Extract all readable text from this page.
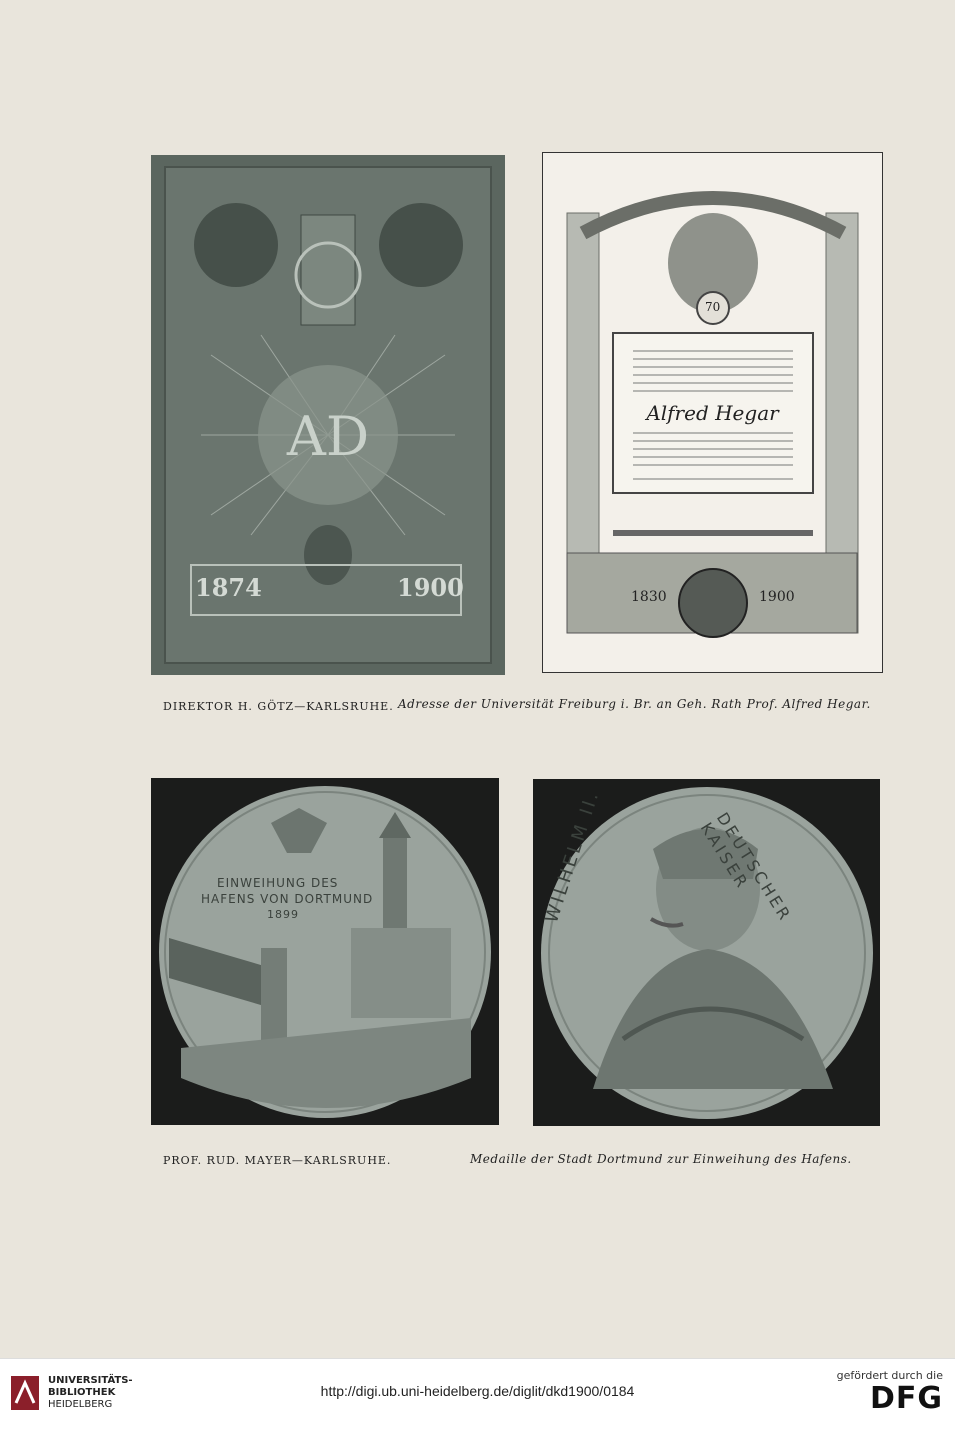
AD
1874	1900
70
Alfred Hegar
1830	1900
DIREKTOR H. GÖTZ—KARLSRUHE. Adresse der Universität Freiburg i. Br. an Geh. Rath Prof. Alfred Hegar.
EINWEIHUNG DES
HAFENS VON DORTMUND
1899	WILHELM II.	DEUTSCHER KAISER
PROF. RUD. MAYER—KARLSRUHE.	Medaille der Stadt Dortmund zur Einweihung des Hafens.
UNIVERSITÄTS-
BIBLIOTHEK
HEIDELBERG
http://digi.ub.uni-heidelberg.de/diglit/dkd1900/0184
gefördert durch die
DFG
